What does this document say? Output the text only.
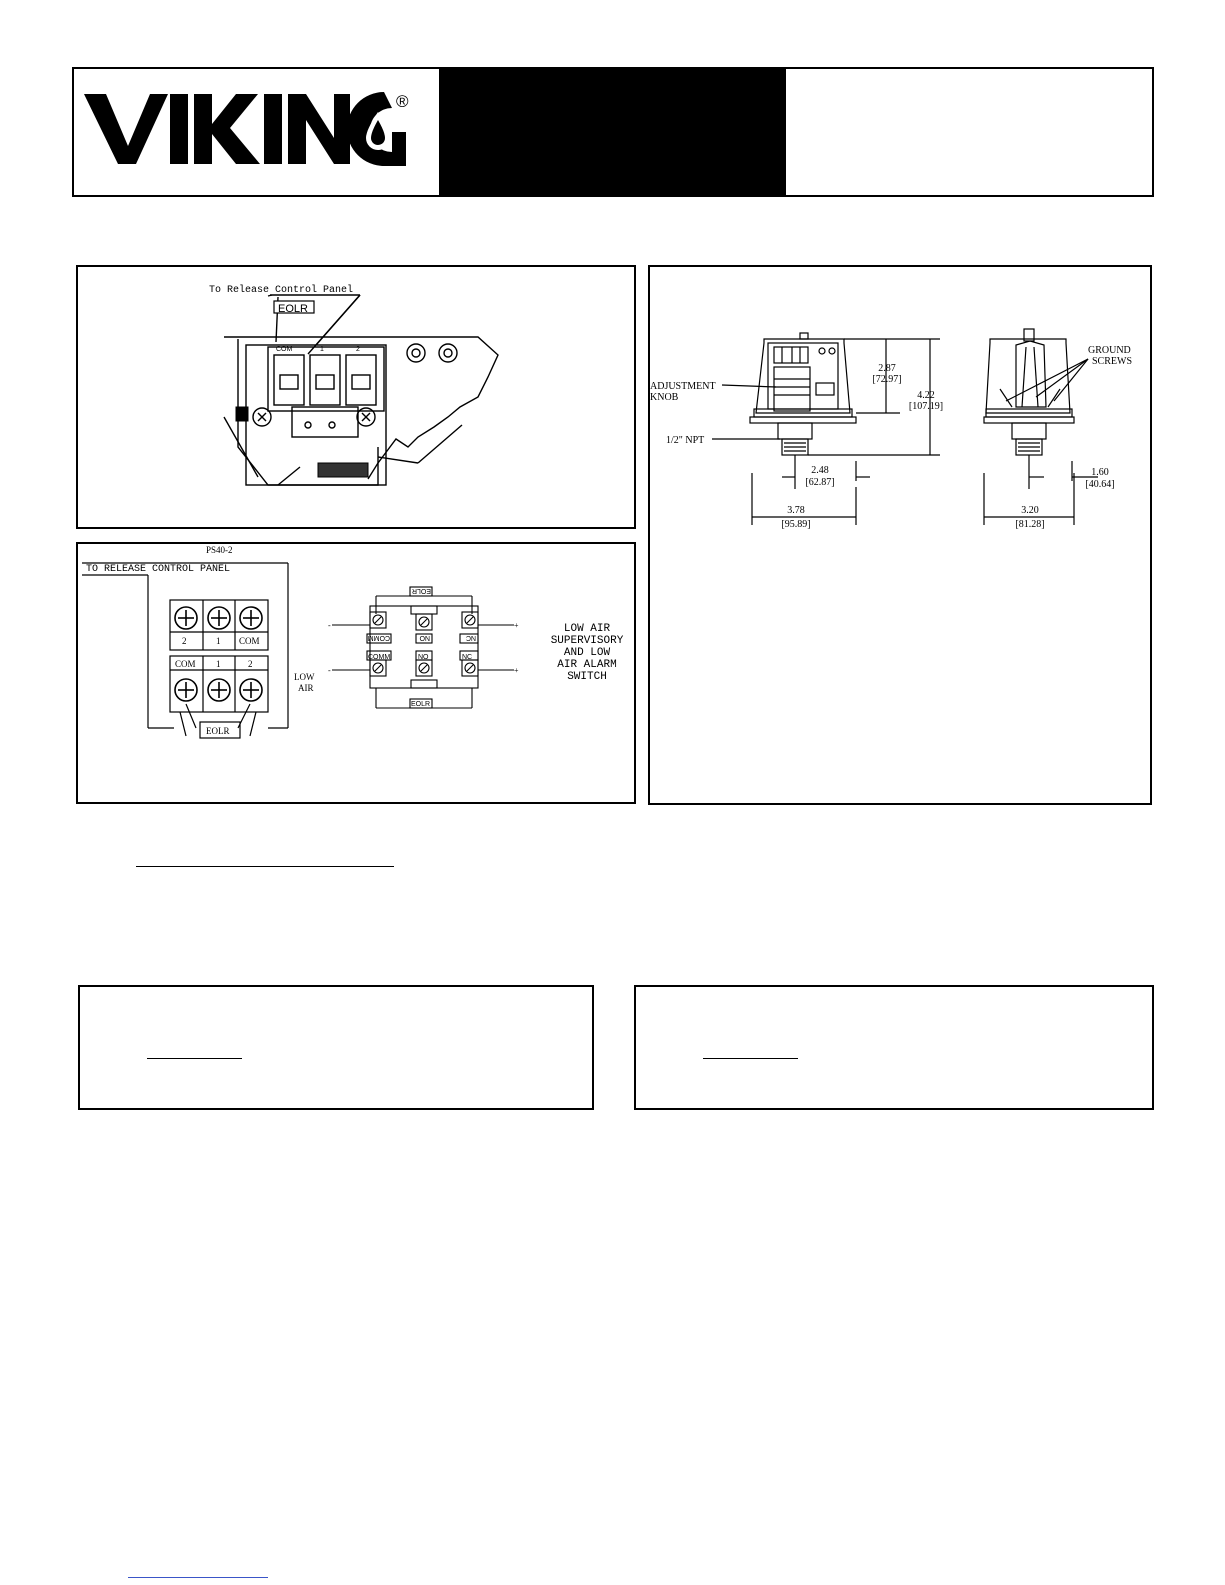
®
To Release Control Panel
EOLR
COM	1	2
PS40-2
TO RELEASE CONTROL PANEL
2	1 COM
COM 1	2
EOLR
EOLR
EOLR
COMM	NO	NC
COMM	NO	NC
-
-
+
+
LOW
AIR
LOW AIR
SUPERVISORY
AND LOW
AIR ALARM
SWITCH
ADJUSTMENT
KNOB
1/2" NPT
GROUND
SCREWS
2.87
[72.97]
4.22
[107.19]
2.48
[62.87]
3.78
[95.89]
1.60
[40.64]
3.20
[81.28]
